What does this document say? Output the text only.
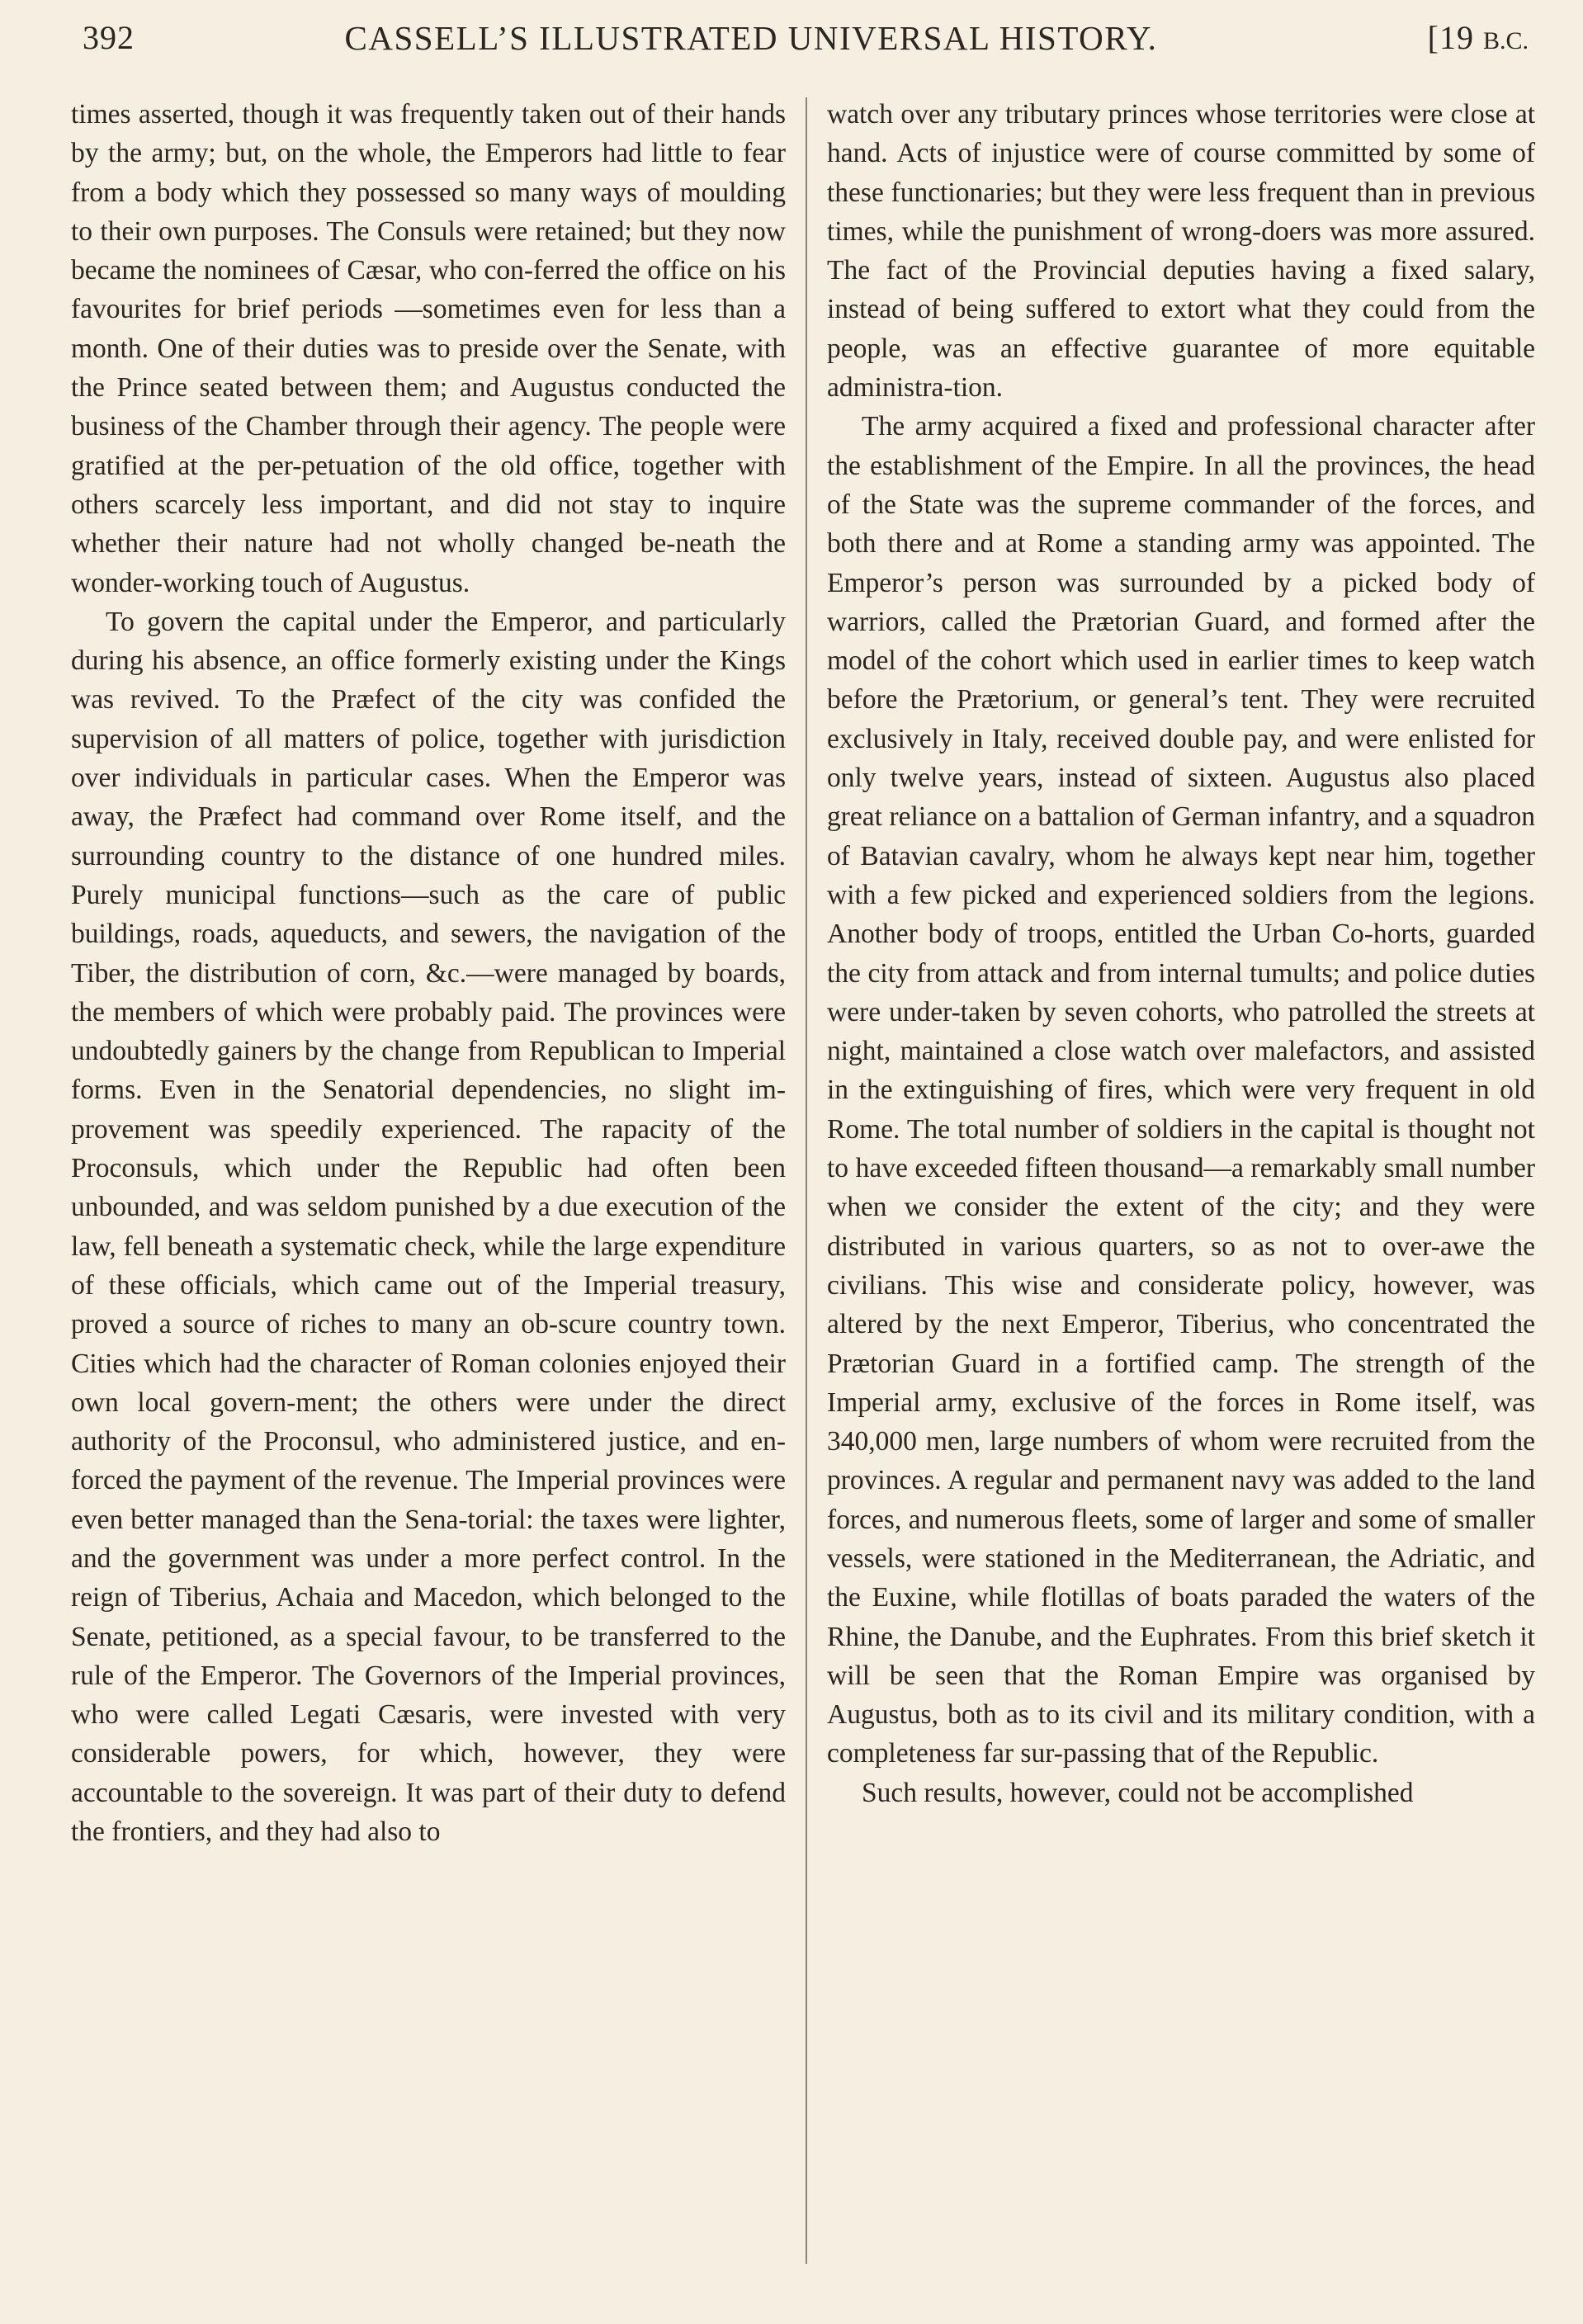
392	CASSELL’S ILLUSTRATED UNIVERSAL HISTORY.	[19 B.C.

times asserted, though it was frequently taken out of their hands by the army; but, on the whole, the Emperors had little to fear from a body which they possessed so many ways of moulding to their own purposes. The Consuls were retained; but they now became the nominees of Cæsar, who con-ferred the office on his favourites for brief periods —sometimes even for less than a month. One of their duties was to preside over the Senate, with the Prince seated between them; and Augustus conducted the business of the Chamber through their agency. The people were gratified at the per-petuation of the old office, together with others scarcely less important, and did not stay to inquire whether their nature had not wholly changed be-neath the wonder-working touch of Augustus.

To govern the capital under the Emperor, and particularly during his absence, an office formerly existing under the Kings was revived. To the Præfect of the city was confided the supervision of all matters of police, together with jurisdiction over individuals in particular cases. When the Emperor was away, the Præfect had command over Rome itself, and the surrounding country to the distance of one hundred miles. Purely municipal functions—such as the care of public buildings, roads, aqueducts, and sewers, the navigation of the Tiber, the distribution of corn, &c.—were managed by boards, the members of which were probably paid. The provinces were undoubtedly gainers by the change from Republican to Imperial forms. Even in the Senatorial dependencies, no slight im-provement was speedily experienced. The rapacity of the Proconsuls, which under the Republic had often been unbounded, and was seldom punished by a due execution of the law, fell beneath a systematic check, while the large expenditure of these officials, which came out of the Imperial treasury, proved a source of riches to many an ob-scure country town. Cities which had the character of Roman colonies enjoyed their own local govern-ment; the others were under the direct authority of the Proconsul, who administered justice, and en-forced the payment of the revenue. The Imperial provinces were even better managed than the Sena-torial: the taxes were lighter, and the government was under a more perfect control. In the reign of Tiberius, Achaia and Macedon, which belonged to the Senate, petitioned, as a special favour, to be transferred to the rule of the Emperor. The Governors of the Imperial provinces, who were called Legati Cæsaris, were invested with very considerable powers, for which, however, they were accountable to the sovereign. It was part of their duty to defend the frontiers, and they had also to

watch over any tributary princes whose territories were close at hand. Acts of injustice were of course committed by some of these functionaries; but they were less frequent than in previous times, while the punishment of wrong-doers was more assured. The fact of the Provincial deputies having a fixed salary, instead of being suffered to extort what they could from the people, was an effective guarantee of more equitable administra-tion.

The army acquired a fixed and professional character after the establishment of the Empire. In all the provinces, the head of the State was the supreme commander of the forces, and both there and at Rome a standing army was appointed. The Emperor’s person was surrounded by a picked body of warriors, called the Prætorian Guard, and formed after the model of the cohort which used in earlier times to keep watch before the Prætorium, or general’s tent. They were recruited exclusively in Italy, received double pay, and were enlisted for only twelve years, instead of sixteen. Augustus also placed great reliance on a battalion of German infantry, and a squadron of Batavian cavalry, whom he always kept near him, together with a few picked and experienced soldiers from the legions. Another body of troops, entitled the Urban Co-horts, guarded the city from attack and from internal tumults; and police duties were under-taken by seven cohorts, who patrolled the streets at night, maintained a close watch over malefactors, and assisted in the extinguishing of fires, which were very frequent in old Rome. The total number of soldiers in the capital is thought not to have exceeded fifteen thousand—a remarkably small number when we consider the extent of the city; and they were distributed in various quarters, so as not to over-awe the civilians. This wise and considerate policy, however, was altered by the next Emperor, Tiberius, who concentrated the Prætorian Guard in a fortified camp. The strength of the Imperial army, exclusive of the forces in Rome itself, was 340,000 men, large numbers of whom were recruited from the provinces. A regular and permanent navy was added to the land forces, and numerous fleets, some of larger and some of smaller vessels, were stationed in the Mediterranean, the Adriatic, and the Euxine, while flotillas of boats paraded the waters of the Rhine, the Danube, and the Euphrates. From this brief sketch it will be seen that the Roman Empire was organised by Augustus, both as to its civil and its military condition, with a completeness far sur-passing that of the Republic.

Such results, however, could not be accomplished
